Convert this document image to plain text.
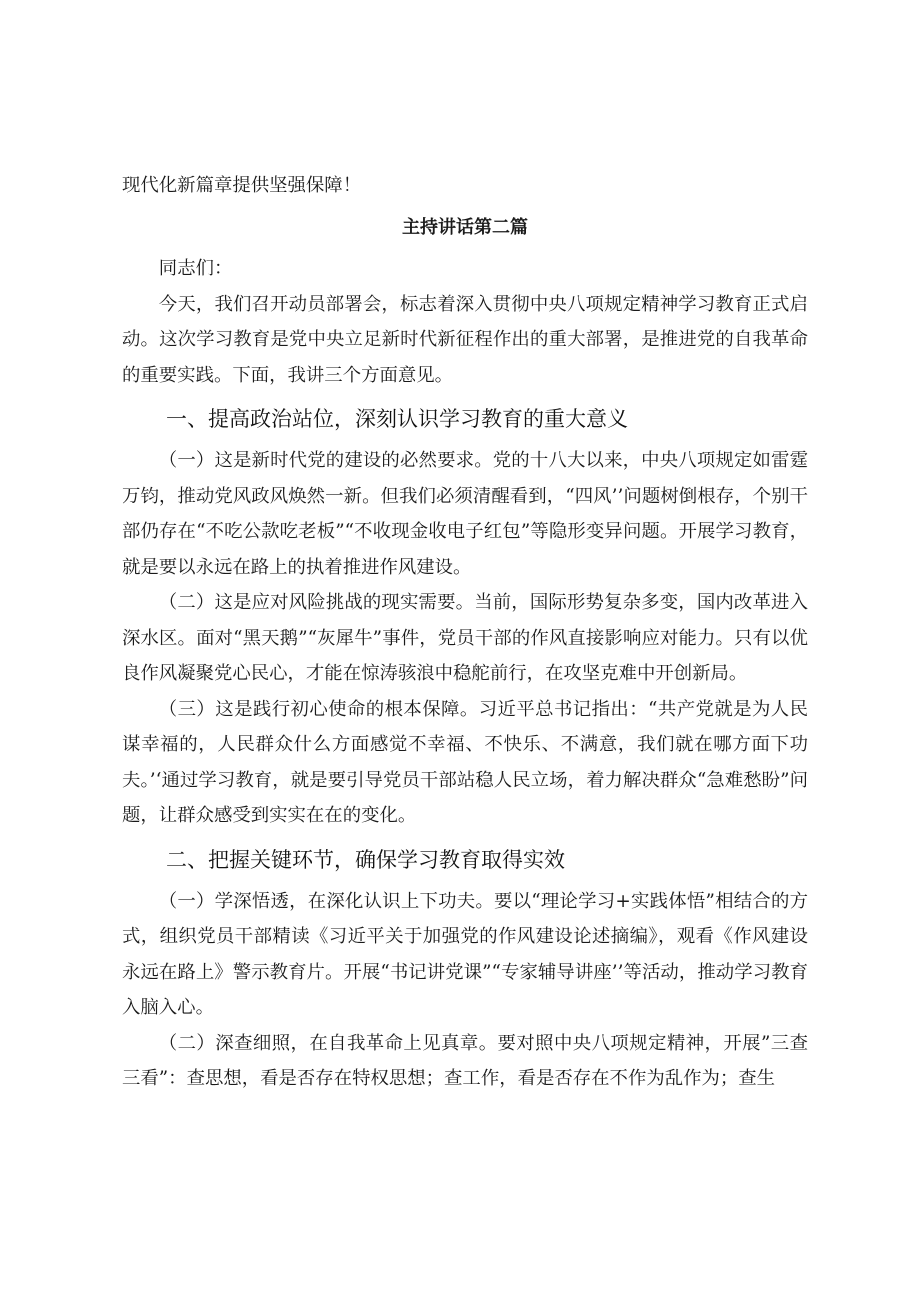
现代化新篇章提供坚强保障！

主持讲话第二篇

同志们：

今天，我们召开动员部署会，标志着深入贯彻中央八项规定精神学习教育正式启动。这次学习教育是党中央立足新时代新征程作出的重大部署，是推进党的自我革命的重要实践。下面，我讲三个方面意见。

一、提高政治站位，深刻认识学习教育的重大意义

（一）这是新时代党的建设的必然要求。党的十八大以来，中央八项规定如雷霆万钧，推动党风政风焕然一新。但我们必须清醒看到，“四风’’问题树倒根存，个别干部仍存在“不吃公款吃老板”“不收现金收电子红包”等隐形变异问题。开展学习教育，就是要以永远在路上的执着推进作风建设。

（二）这是应对风险挑战的现实需要。当前，国际形势复杂多变，国内改革进入深水区。面对“黑天鹅”“灰犀牛”事件，党员干部的作风直接影响应对能力。只有以优良作风凝聚党心民心，才能在惊涛骇浪中稳舵前行，在攻坚克难中开创新局。

（三）这是践行初心使命的根本保障。习近平总书记指出：“共产党就是为人民谋幸福的，人民群众什么方面感觉不幸福、不快乐、不满意，我们就在哪方面下功夫。’‘通过学习教育，就是要引导党员干部站稳人民立场，着力解决群众“急难愁盼”问题，让群众感受到实实在在的变化。

二、把握关键环节，确保学习教育取得实效

（一）学深悟透，在深化认识上下功夫。要以“理论学习+实践体悟”相结合的方式，组织党员干部精读《习近平关于加强党的作风建设论述摘编》，观看《作风建设永远在路上》警示教育片。开展“书记讲党课”“专家辅导讲座’’等活动，推动学习教育入脑入心。

（二）深查细照，在自我革命上见真章。要对照中央八项规定精神，开展”三查三看”：查思想，看是否存在特权思想；查工作，看是否存在不作为乱作为；查生
